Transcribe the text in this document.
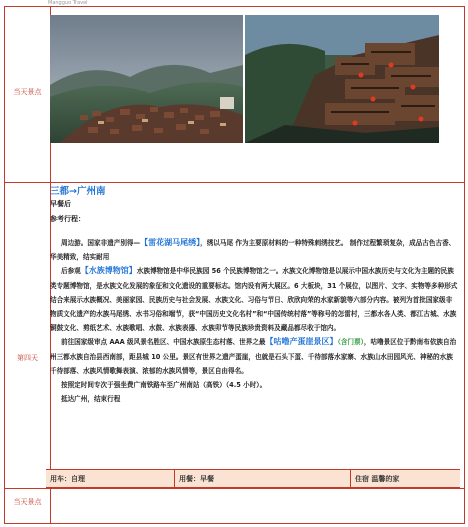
Mangguo Travel
当天景点
第四天
当天景点
三都→广州南
早餐后
参考行程：
周边游。国家非遗产别得—【雷花湖马尾绣】，绣以马尾 作为主要原材料的一种特殊刺绣技艺。 制作过程繁琐复杂，成品古色古香、华美精致，结实耐用
后参观【水族博物馆】水族博物馆是中华民族园 56 个民族博物馆之一。水族文化博物馆是以展示中国水族历史与文化为主题的民族类专题博物馆，是水族文化发展的象征和文化遗设的重要标志。馆内设有两大展区。6 大板块，31 个展位，以图片、文字、实物等多种形式结合来展示水族概况、美丽家园、民族历史与社会发展、水族文化、习俗与节日、欣欣向荣的水家新貌等六部分内容。被列为首批国家级非物质文化遗产的水族马尾绣、水书习俗和端节，获“中国历史文化名村”和“中国传统村落”等称号的怎雷村，三都水各人类、都江古城、水族铜鼓文化、剪纸艺术、水族歌唱、水鼓、水族表器、水族卯节等民族珍贵资料及藏品都尽收于馆内。
前往国家级审点 AAA 级风景名胜区、中国水族原生态村落、世界之最【咕噜产蛋崖景区】（含门票），咕噜景区位于黔南布依族自治州三都水族自治县西南部，距县城 10 公里。景区有世界之遗产蛋崖，也就是石头下蛋、千待部落水家寨、水族山水田园风光、神秘的水族千待部落、水族风情歌舞表演、浓郁的水族风情等，景区自由得名。
按照定时间专次于强坐费广南铁路车至广州南站（高铁）（4.5 小时）。
抵达广州，结束行程
用车：自理	用餐：早餐	住宿 温馨的家
